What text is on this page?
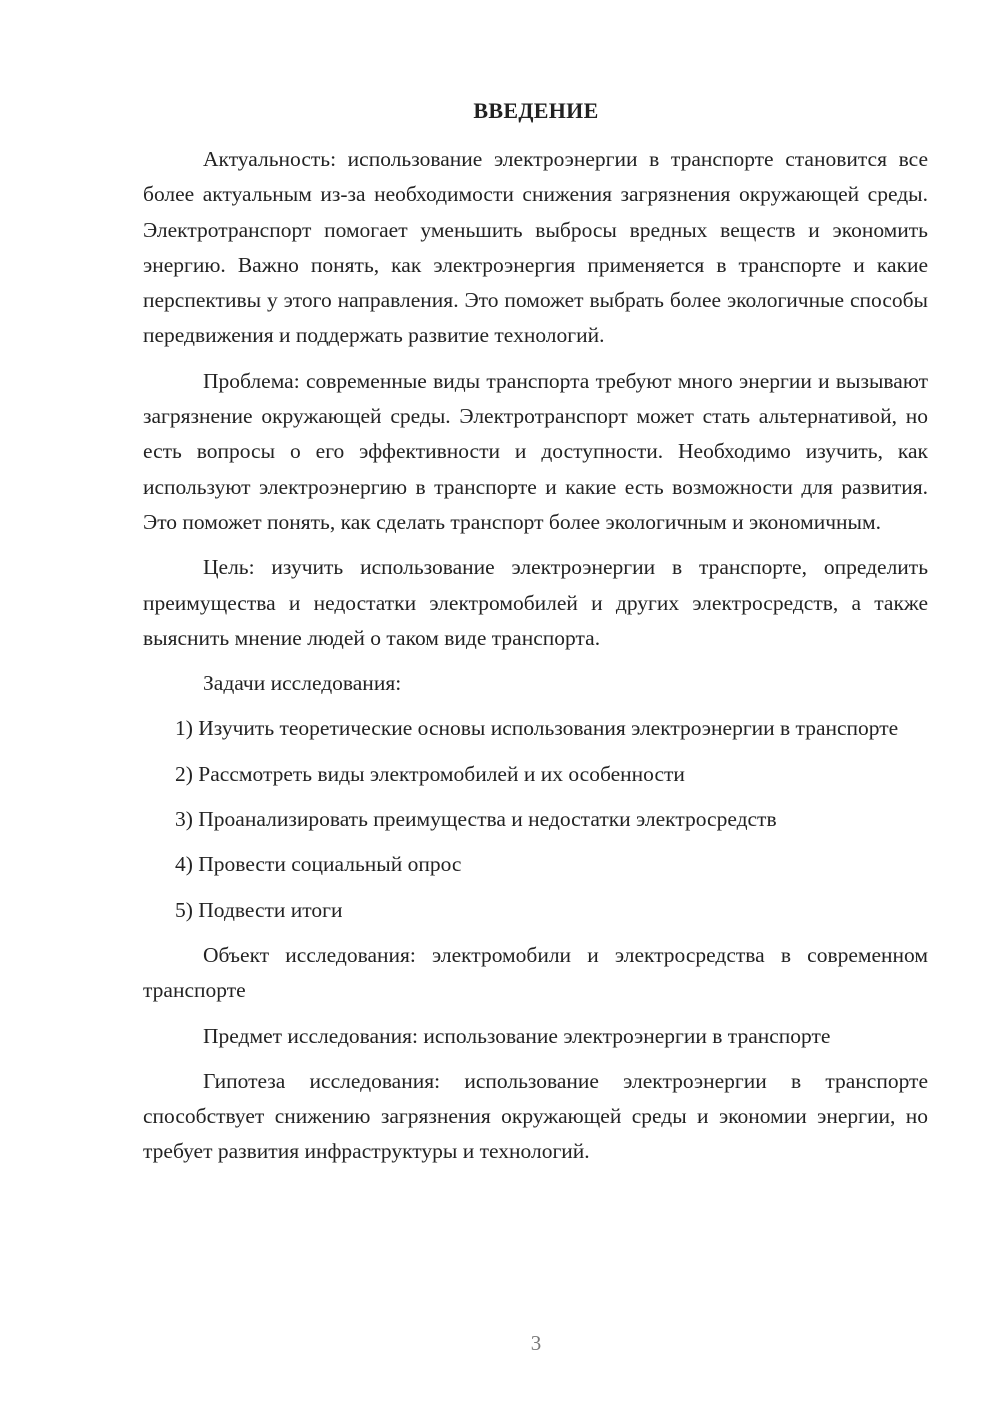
ВВЕДЕНИЕ

Актуальность: использование электроэнергии в транспорте становится все более актуальным из-за необходимости снижения загрязнения окружающей среды. Электротранспорт помогает уменьшить выбросы вредных веществ и экономить энергию. Важно понять, как электроэнергия применяется в транспорте и какие перспективы у этого направления. Это поможет выбрать более экологичные способы передвижения и поддержать развитие технологий.

Проблема: современные виды транспорта требуют много энергии и вызывают загрязнение окружающей среды. Электротранспорт может стать альтернативой, но есть вопросы о его эффективности и доступности. Необходимо изучить, как используют электроэнергию в транспорте и какие есть возможности для развития. Это поможет понять, как сделать транспорт более экологичным и экономичным.

Цель: изучить использование электроэнергии в транспорте, определить преимущества и недостатки электромобилей и других электросредств, а также выяснить мнение людей о таком виде транспорта.

Задачи исследования:

1) Изучить теоретические основы использования электроэнергии в транспорте

2) Рассмотреть виды электромобилей и их особенности

3) Проанализировать преимущества и недостатки электросредств

4) Провести социальный опрос

5) Подвести итоги

Объект исследования: электромобили и электросредства в современном транспорте

Предмет исследования: использование электроэнергии в транспорте

Гипотеза исследования: использование электроэнергии в транспорте способствует снижению загрязнения окружающей среды и экономии энергии, но требует развития инфраструктуры и технологий.

3
